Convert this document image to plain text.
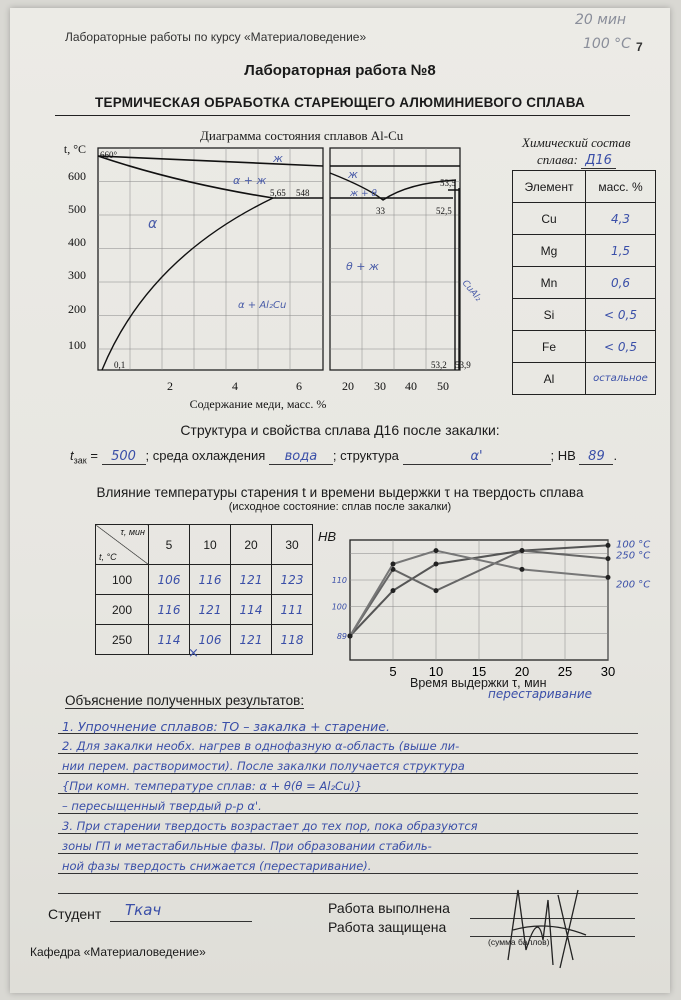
Лабораторные работы по курсу «Материаловедение»
7
20 мин
100 °С
Лабораторная работа №8
ТЕРМИЧЕСКАЯ ОБРАБОТКА СТАРЕЮЩЕГО АЛЮМИНИЕВОГО СПЛАВА
Диаграмма состояния сплавов Al-Cu
100
200
300
400
500
600
t, °C
2	4	6	20 30 40 50
Содержание меди, масс. %
660°
5,65 548
33
53,5
52,5
53,2 53,9
0,1
ж
α + ж
α
ж
ж + θ
θ + ж
α + Al₂Cu
CuAl₂
Химический состав
сплава: Д16
Элемент	масс. %
Cu	4,3
Mg	1,5
Mn	0,6
Si	< 0,5
Fe	< 0,5
Al	остальное
Структура и свойства сплава Д16 после закалки:
$t_{зак} = 500$ ; среда охлаждения вода ; структура	α'	; НВ 89 .
Влияние температуры старения t и времени выдержки τ на твердость сплава
(исходное состояние: сплав после закалки)
τ, мин
t, °С	5	10	20	30
100	106	116	121	123
200	116	121	114	111
250	114	106	121	118
×
5 10 15 20 25 30
89
100
110
100 °С
250 °С
200 °С
НВ
Время выдержки τ, мин
Объяснение полученных результатов:	перестаривание
1. Упрочнение сплавов: ТО – закалка + старение.
2. Для закалки необх. нагрев в однофазную α-область (выше ли-
нии перем. растворимости). После закалки получается структура
{При комн. температуре сплав: α + θ(θ = Al₂Cu)}
– пересыщенный твердый р-р α'.
3. При старении твердость возрастает до тех пор, пока образуются
зоны ГП и метастабильные фазы. При образовании стабиль-
ной фазы твердость снижается (перестаривание).
Студент Ткач	Работа выполнена
Работа защищена
(сумма баллов)
Кафедра «Материаловедение»
